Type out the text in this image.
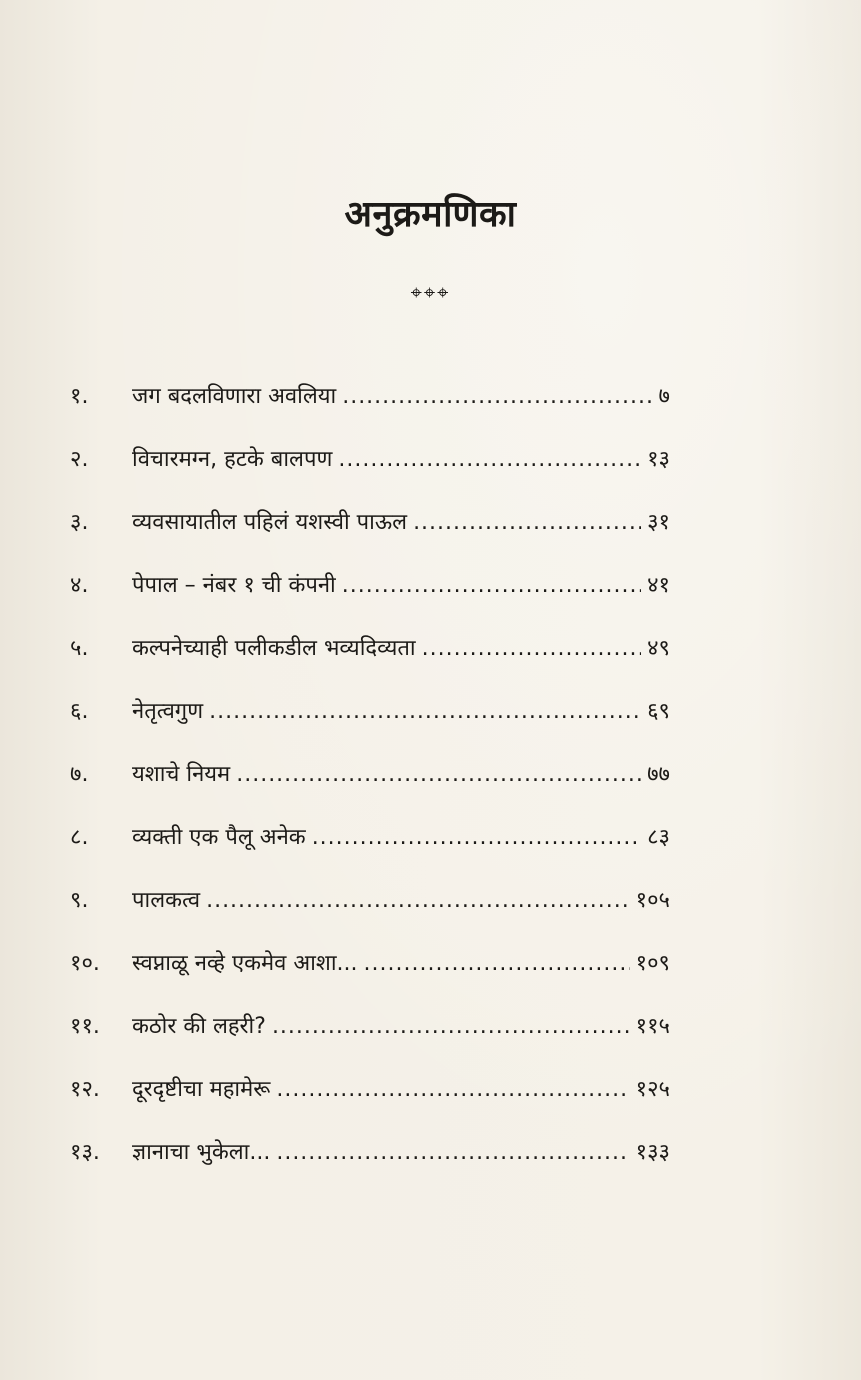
अनुक्रमणिका
⌖⌖⌖
१.	जग बदलविणारा अवलिया .....	७
२.	विचारमग्न, हटके बालपण .....	१३
३.	व्यवसायातील पहिलं यशस्वी पाऊल .....	३१
४.	पेपाल – नंबर १ ची कंपनी .....	४१
५.	कल्पनेच्याही पलीकडील भव्यदिव्यता .....	४९
६.	नेतृत्वगुण .....	६९
७.	यशाचे नियम .....	७७
८.	व्यक्ती एक पैलू अनेक .....	८३
९.	पालकत्व .....	१०५
१०.	स्वप्नाळू नव्हे एकमेव आशा... .....	१०९
११.	कठोर की लहरी? .....	११५
१२.	दूरदृष्टीचा महामेरू .....	१२५
१३.	ज्ञानाचा भुकेला... .....	१३३
